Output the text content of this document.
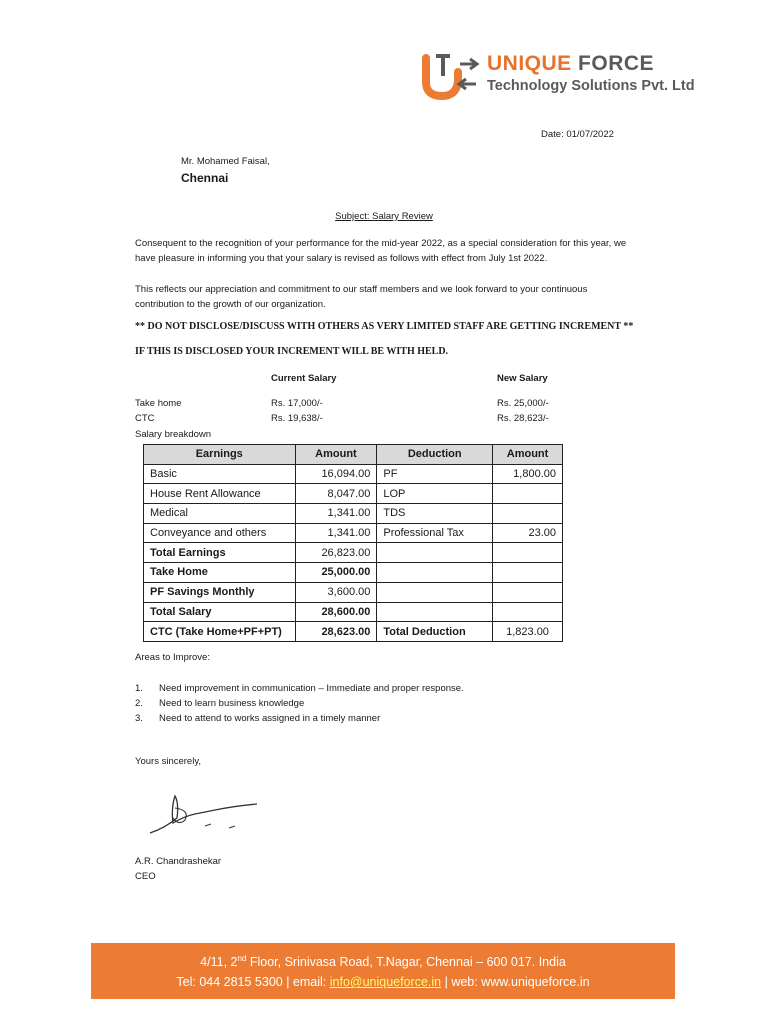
UNIQUE FORCE
Technology Solutions Pvt. Ltd
Date: 01/07/2022
Mr. Mohamed Faisal,
Chennai
Subject: Salary Review
Consequent to the recognition of your performance for the mid-year 2022, as a special consideration for this year, we have pleasure in informing you that your salary is revised as follows with effect from July 1st 2022.
This reflects our appreciation and commitment to our staff members and we look forward to your continuous contribution to the growth of our organization.
** DO NOT DISCLOSE/DISCUSS WITH OTHERS AS VERY LIMITED STAFF ARE GETTING INCREMENT **
IF THIS IS DISCLOSED YOUR INCREMENT WILL BE WITH HELD.
Current Salary	New Salary
Take home	Rs. 17,000/-	Rs. 25,000/-
CTC	Rs. 19,638/-	Rs. 28,623/-
Salary breakdown
Earnings	Amount	Deduction	Amount
Basic	16,094.00	PF	1,800.00
House Rent Allowance	8,047.00	LOP	
Medical	1,341.00	TDS	
Conveyance and others	1,341.00	Professional Tax	23.00
Total Earnings	26,823.00		
Take Home	25,000.00		
PF Savings Monthly	3,600.00		
Total Salary	28,600.00		
CTC (Take Home+PF+PT)	28,623.00	Total Deduction	1,823.00
Areas to Improve:
1. Need improvement in communication – Immediate and proper response.
2. Need to learn business knowledge
3. Need to attend to works assigned in a timely manner
Yours sincerely,
A.R. Chandrashekar
CEO
4/11, 2nd Floor, Srinivasa Road, T.Nagar, Chennai – 600 017. India
Tel: 044 2815 5300 | email: info@uniqueforce.in | web: www.uniqueforce.in
